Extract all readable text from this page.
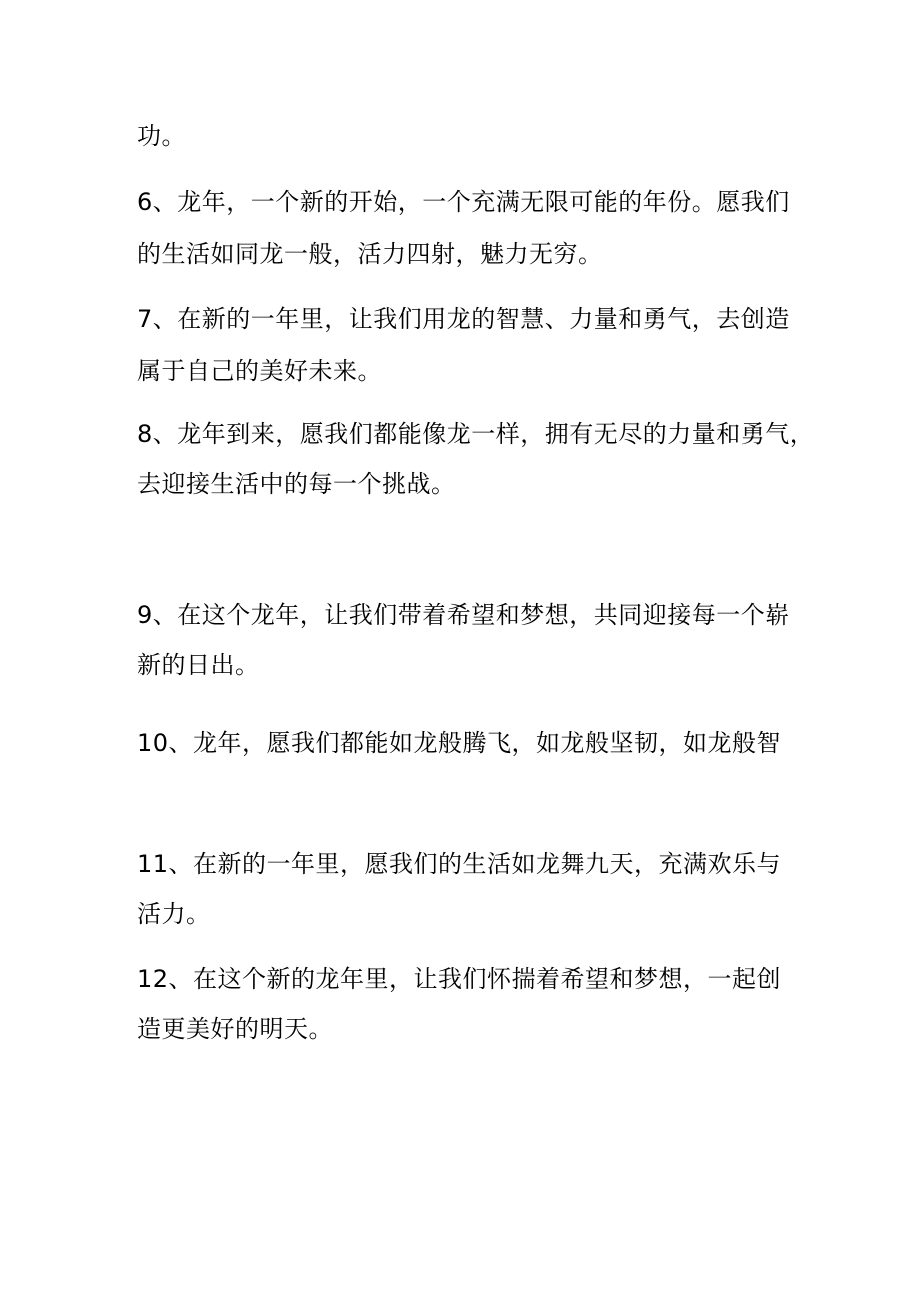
功。

6、龙年，一个新的开始，一个充满无限可能的年份。愿我们

的生活如同龙一般，活力四射，魅力无穷。

7、在新的一年里，让我们用龙的智慧、力量和勇气，去创造

属于自己的美好未来。

8、龙年到来，愿我们都能像龙一样，拥有无尽的力量和勇气，

去迎接生活中的每一个挑战。

9、在这个龙年，让我们带着希望和梦想，共同迎接每一个崭

新的日出。

10、龙年，愿我们都能如龙般腾飞，如龙般坚韧，如龙般智

11、在新的一年里，愿我们的生活如龙舞九天，充满欢乐与

活力。

12、在这个新的龙年里，让我们怀揣着希望和梦想，一起创

造更美好的明天。
